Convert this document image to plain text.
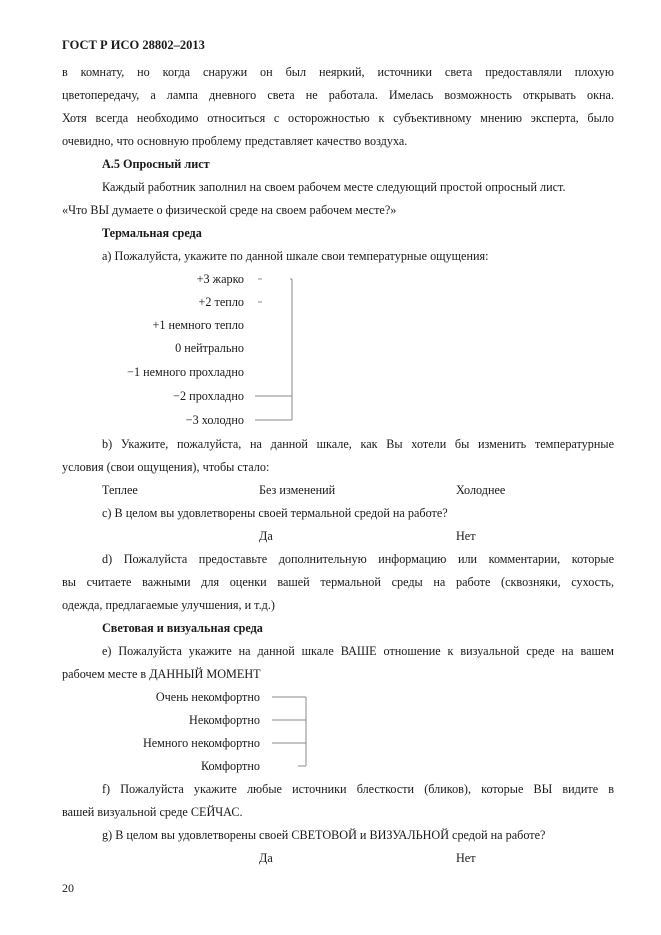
ГОСТ Р ИСО 28802–2013
в комнату, но когда снаружи он был неяркий, источники света предоставляли плохую
цветопередачу, а лампа дневного света не работала. Имелась возможность открывать окна.
Хотя всегда необходимо относиться с осторожностью к субъективному мнению эксперта, было
очевидно, что основную проблему представляет качество воздуха.
A.5 Опросный лист
Каждый работник заполнил на своем рабочем месте следующий простой опросный лист.
«Что ВЫ думаете о физической среде на своем рабочем месте?»
Термальная среда
a) Пожалуйста, укажите по данной шкале свои температурные ощущения:
+3 жарко
+2 тепло
+1 немного тепло
0 нейтрально
−1 немного прохладно
−2 прохладно
−3 холодно
b) Укажите, пожалуйста, на данной шкале, как Вы хотели бы изменить температурные
условия (свои ощущения), чтобы стало:
Теплее	Без изменений	Холоднее
с) В целом вы удовлетворены своей термальной средой на работе?
Да	Нет
d) Пожалуйста предоставьте дополнительную информацию или комментарии, которые
вы считаете важными для оценки вашей термальной среды на работе (сквозняки, сухость,
одежда, предлагаемые улучшения, и т.д.)
Световая и визуальная среда
e) Пожалуйста укажите на данной шкале ВАШЕ отношение к визуальной среде на вашем
рабочем месте в ДАННЫЙ МОМЕНТ
Очень некомфортно
Некомфортно
Немного некомфортно
Комфортно
f) Пожалуйста укажите любые источники блесткости (бликов), которые ВЫ видите в
вашей визуальной среде СЕЙЧАС.
g) В целом вы удовлетворены своей СВЕТОВОЙ и ВИЗУАЛЬНОЙ средой на работе?
Да	Нет
20
